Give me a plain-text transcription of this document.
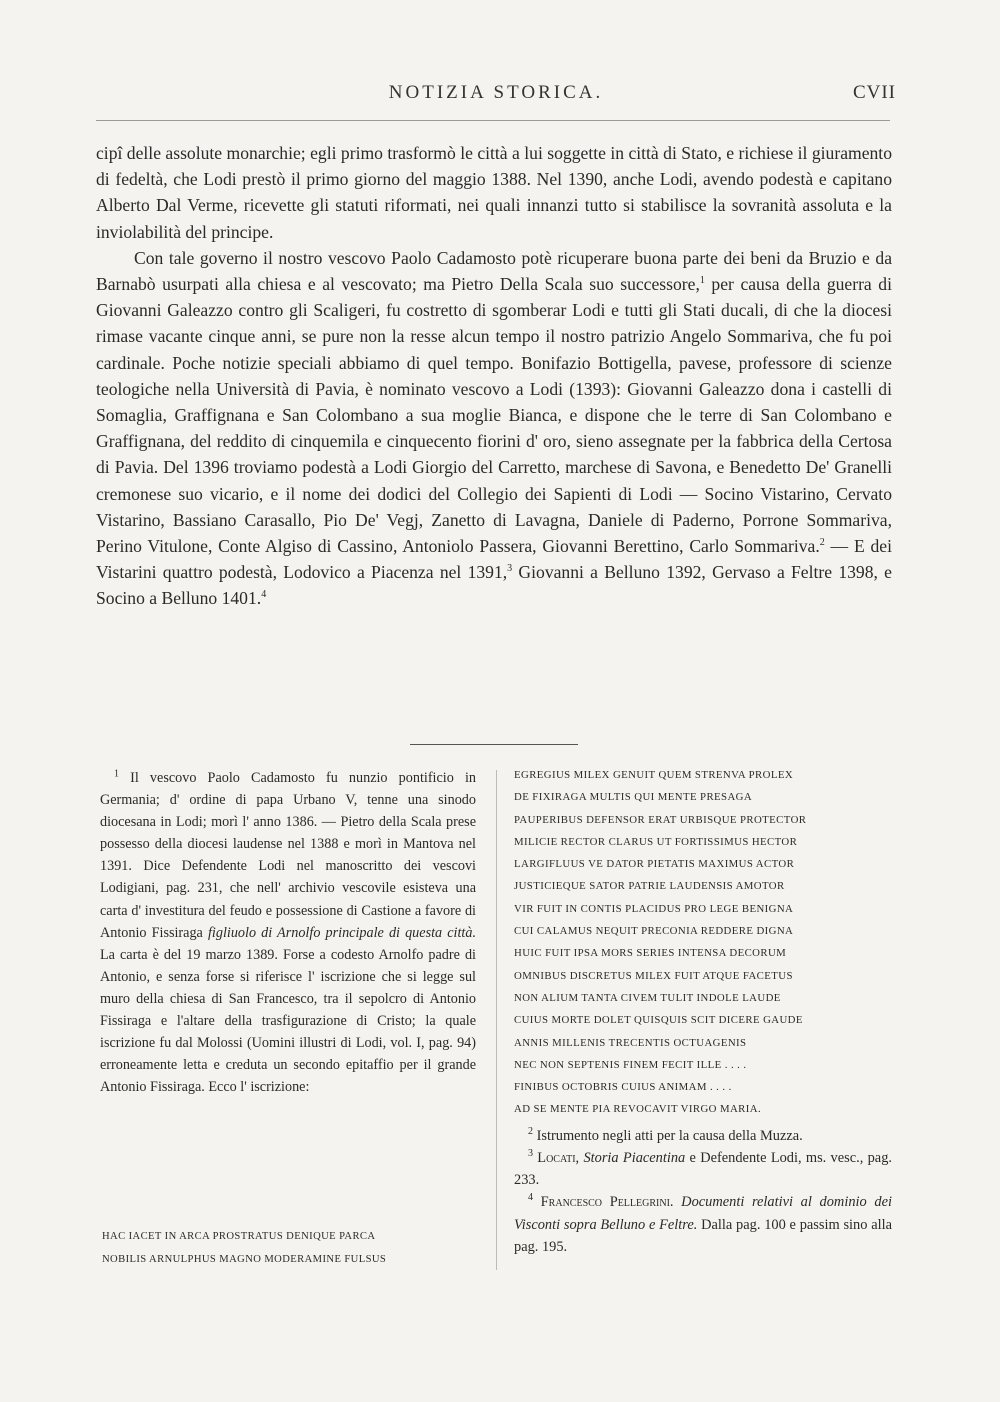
NOTIZIA STORICA.	CVII

cipî delle assolute monarchie; egli primo trasformò le città a lui soggette in città di Stato, e richiese il giuramento di fedeltà, che Lodi prestò il primo giorno del maggio 1388. Nel 1390, anche Lodi, avendo podestà e capitano Alberto Dal Verme, ricevette gli statuti riformati, nei quali innanzi tutto si stabilisce la sovranità assoluta e la inviolabilità del principe.

Con tale governo il nostro vescovo Paolo Cadamosto potè ricuperare buona parte dei beni da Bruzio e da Barnabò usurpati alla chiesa e al vescovato; ma Pietro Della Scala suo successore,$^1$ per causa della guerra di Giovanni Galeazzo contro gli Scaligeri, fu costretto di sgomberar Lodi e tutti gli Stati ducali, di che la diocesi rimase vacante cinque anni, se pure non la resse alcun tempo il nostro patrizio Angelo Sommariva, che fu poi cardinale. Poche notizie speciali abbiamo di quel tempo. Bonifazio Bottigella, pavese, professore di scienze teologiche nella Università di Pavia, è nominato vescovo a Lodi (1393): Giovanni Galeazzo dona i castelli di Somaglia, Graffignana e San Colombano a sua moglie Bianca, e dispone che le terre di San Colombano e Graffignana, del reddito di cinquemila e cinquecento fiorini d' oro, sieno assegnate per la fabbrica della Certosa di Pavia. Del 1396 troviamo podestà a Lodi Giorgio del Carretto, marchese di Savona, e Benedetto De' Granelli cremonese suo vicario, e il nome dei dodici del Collegio dei Sapienti di Lodi — Socino Vistarino, Cervato Vistarino, Bassiano Carasallo, Pio De' Vegj, Zanetto di Lavagna, Daniele di Paderno, Porrone Sommariva, Perino Vitulone, Conte Algiso di Cassino, Antoniolo Passera, Giovanni Berettino, Carlo Sommariva.$^2$ — E dei Vistarini quattro podestà, Lodovico a Piacenza nel 1391,$^3$ Giovanni a Belluno 1392, Gervaso a Feltre 1398, e Socino a Belluno 1401.$^4$

$^1$ Il vescovo Paolo Cadamosto fu nunzio pontificio in Germania; d' ordine di papa Urbano V, tenne una sinodo diocesana in Lodi; morì l' anno 1386. — Pietro della Scala prese possesso della diocesi laudense nel 1388 e morì in Mantova nel 1391. Dice Defendente Lodi nel manoscritto dei vescovi Lodigiani, pag. 231, che nell' archivio vescovile esisteva una carta d' investitura del feudo e possessione di Castione a favore di Antonio Fissiraga figliuolo di Arnolfo principale di questa città. La carta è del 19 marzo 1389. Forse a codesto Arnolfo padre di Antonio, e senza forse si riferisce l' iscrizione che si legge sul muro della chiesa di San Francesco, tra il sepolcro di Antonio Fissiraga e l'altare della trasfigurazione di Cristo; la quale iscrizione fu dal Molossi (Uomini illustri di Lodi, vol. I, pag. 94) erroneamente letta e creduta un secondo epitaffio per il grande Antonio Fissiraga. Ecco l' iscrizione:

HAC IACET IN ARCA PROSTRATUS DENIQUE PARCA
NOBILIS ARNULPHUS MAGNO MODERAMINE FULSUS
EGREGIUS MILEX GENUIT QUEM STRENVA PROLEX
DE FIXIRAGA MULTIS QUI MENTE PRESAGA
PAUPERIBUS DEFENSOR ERAT URBISQUE PROTECTOR
MILICIE RECTOR CLARUS UT FORTISSIMUS HECTOR
LARGIFLUUS VE DATOR PIETATIS MAXIMUS ACTOR
JUSTICIEQUE SATOR PATRIE LAUDENSIS AMOTOR
VIR FUIT IN CONTIS PLACIDUS PRO LEGE BENIGNA
CUI CALAMUS NEQUIT PRECONIA REDDERE DIGNA
HUIC FUIT IPSA MORS SERIES INTENSA DECORUM
OMNIBUS DISCRETUS MILEX FUIT ATQUE FACETUS
NON ALIUM TANTA CIVEM TULIT INDOLE LAUDE
CUIUS MORTE DOLET QUISQUIS SCIT DICERE GAUDE
ANNIS MILLENIS TRECENTIS OCTUAGENIS
NEC NON SEPTENIS FINEM FECIT ILLE . . . .
FINIBUS OCTOBRIS CUIUS ANIMAM . . . .
AD SE MENTE PIA REVOCAVIT VIRGO MARIA.

$^2$ Istrumento negli atti per la causa della Muzza.

$^3$ Locati, Storia Piacentina e Defendente Lodi, ms. vesc., pag. 233.

$^4$ Francesco Pellegrini. Documenti relativi al dominio dei Visconti sopra Belluno e Feltre. Dalla pag. 100 e passim sino alla pag. 195.
